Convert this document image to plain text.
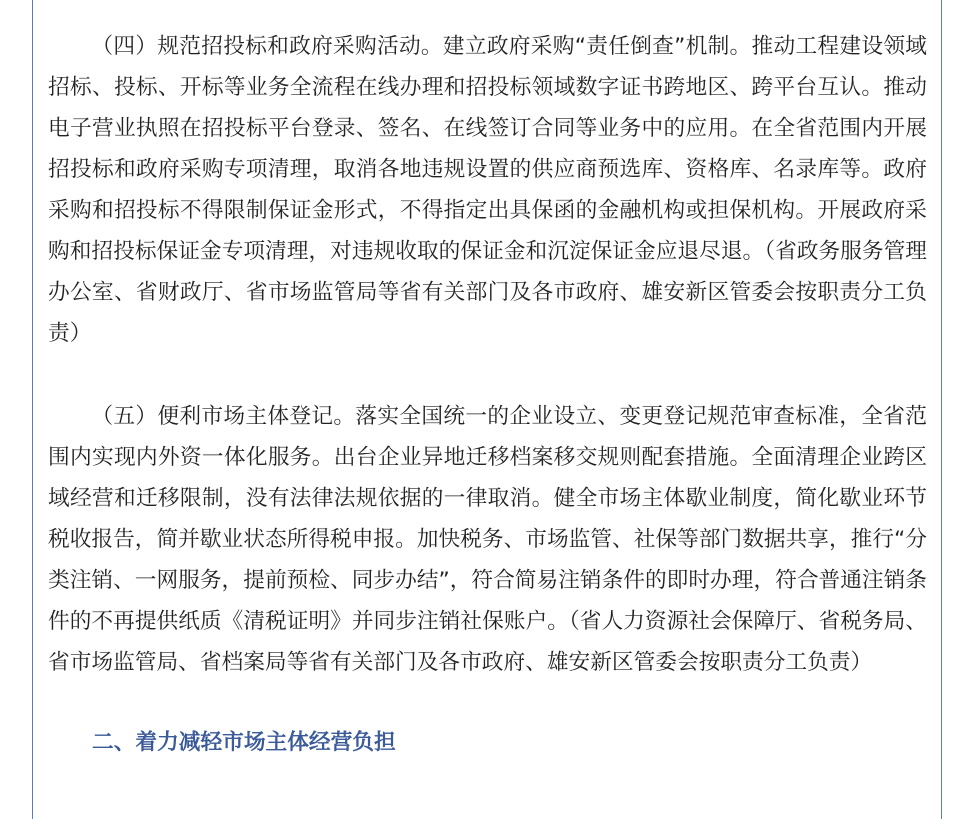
（四）规范招投标和政府采购活动。建立政府采购“责任倒查”机制。推动工程建设领域招标、投标、开标等业务全流程在线办理和招投标领域数字证书跨地区、跨平台互认。推动电子营业执照在招投标平台登录、签名、在线签订合同等业务中的应用。在全省范围内开展招投标和政府采购专项清理，取消各地违规设置的供应商预选库、资格库、名录库等。政府采购和招投标不得限制保证金形式，不得指定出具保函的金融机构或担保机构。开展政府采购和招投标保证金专项清理，对违规收取的保证金和沉淀保证金应退尽退。（省政务服务管理办公室、省财政厅、省市场监管局等省有关部门及各市政府、雄安新区管委会按职责分工负责）

（五）便利市场主体登记。落实全国统一的企业设立、变更登记规范审查标准，全省范围内实现内外资一体化服务。出台企业异地迁移档案移交规则配套措施。全面清理企业跨区域经营和迁移限制，没有法律法规依据的一律取消。健全市场主体歇业制度，简化歇业环节税收报告，简并歇业状态所得税申报。加快税务、市场监管、社保等部门数据共享，推行“分类注销、一网服务，提前预检、同步办结”，符合简易注销条件的即时办理，符合普通注销条件的不再提供纸质《清税证明》并同步注销社保账户。（省人力资源社会保障厅、省税务局、省市场监管局、省档案局等省有关部门及各市政府、雄安新区管委会按职责分工负责）

二、着力减轻市场主体经营负担
